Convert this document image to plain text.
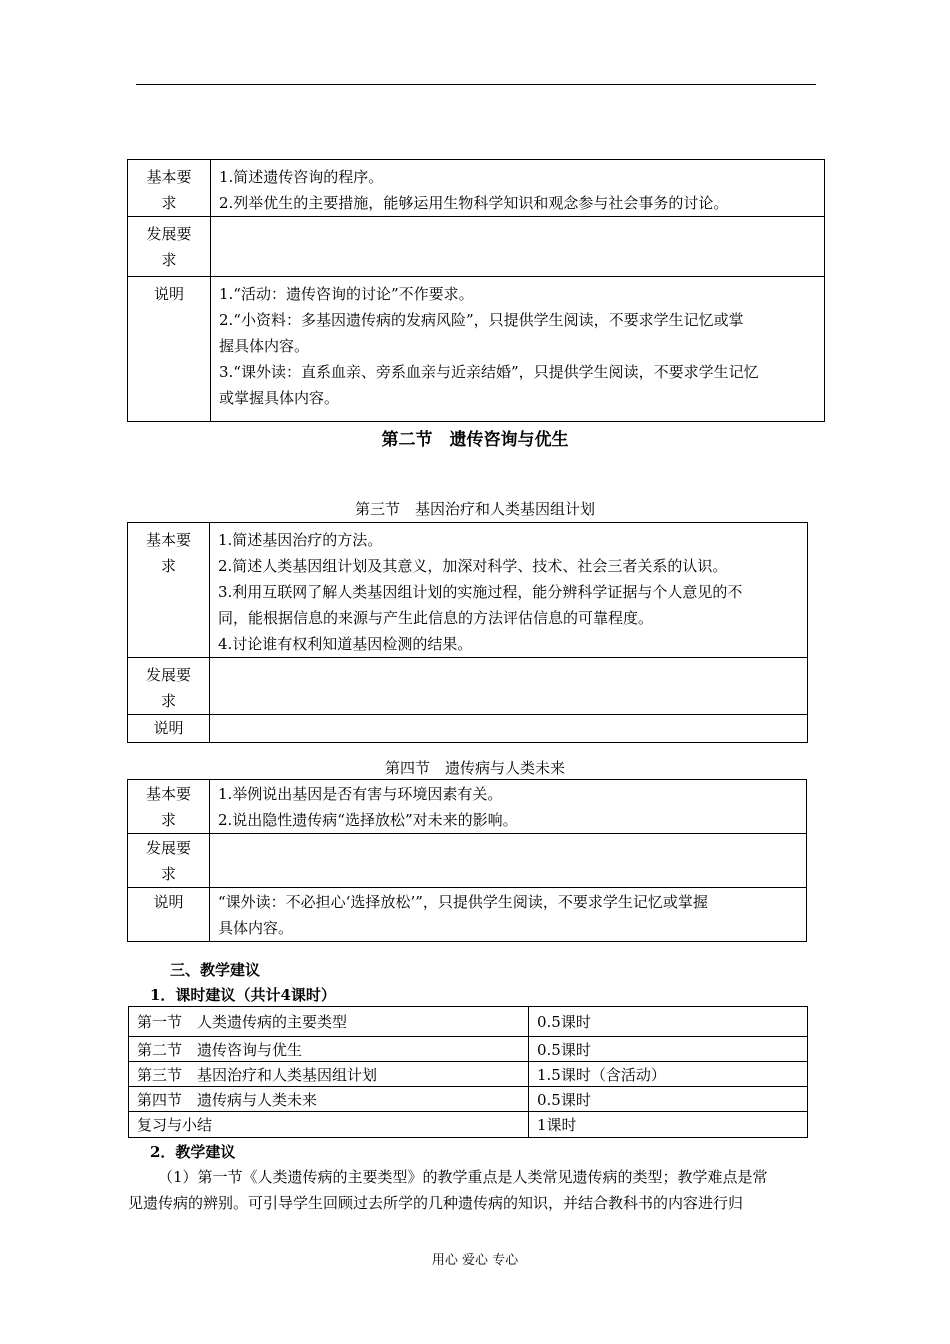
基本要
求	1.简述遗传咨询的程序。
2.列举优生的主要措施，能够运用生物科学知识和观念参与社会事务的讨论。

发展要
求	

说明	1.“活动：遗传咨询的讨论”不作要求。
2.“小资料：多基因遗传病的发病风险”，只提供学生阅读，不要求学生记忆或掌
握具体内容。
3.“课外读：直系血亲、旁系血亲与近亲结婚”，只提供学生阅读，不要求学生记忆
或掌握具体内容。
第二节　遗传咨询与优生
第三节　基因治疗和人类基因组计划
基本要
求	1.简述基因治疗的方法。
2.简述人类基因组计划及其意义，加深对科学、技术、社会三者关系的认识。
3.利用互联网了解人类基因组计划的实施过程，能分辨科学证据与个人意见的不
同，能根据信息的来源与产生此信息的方法评估信息的可靠程度。
4.讨论谁有权利知道基因检测的结果。

发展要
求	

说明	

第四节　遗传病与人类未来
基本要
求	1.举例说出基因是否有害与环境因素有关。
2.说出隐性遗传病“选择放松”对未来的影响。

发展要
求	

说明	“课外读：不必担心‘选择放松’”，只提供学生阅读，不要求学生记忆或掌握
具体内容。
三、教学建议
1．课时建议（共计4课时）
第一节　人类遗传病的主要类型	0.5课时
第二节　遗传咨询与优生	0.5课时
第三节　基因治疗和人类基因组计划	1.5课时（含活动）
第四节　遗传病与人类未来	0.5课时
复习与小结	1课时
2．教学建议
（1）第一节《人类遗传病的主要类型》的教学重点是人类常见遗传病的类型；教学难点是常
见遗传病的辨别。可引导学生回顾过去所学的几种遗传病的知识，并结合教科书的内容进行归
用心 爱心 专心
